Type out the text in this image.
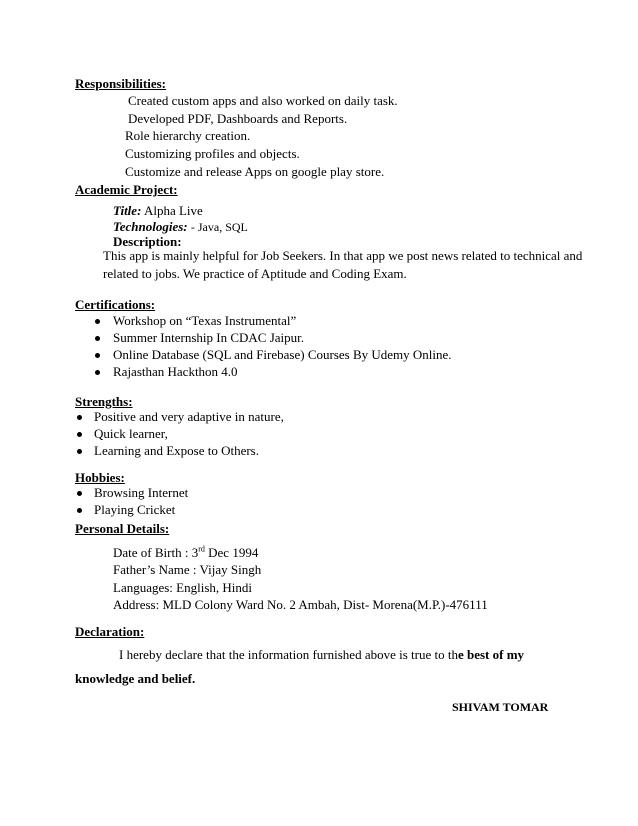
Responsibilities:
Created custom apps and also worked on daily task.
Developed PDF, Dashboards and Reports.
Role hierarchy creation.
Customizing profiles and objects.
Customize and release Apps on google play store.
Academic Project:
Title: Alpha Live
Technologies: - Java, SQL
Description:
This app is mainly helpful for Job Seekers. In that app we post news related to technical and
related to jobs. We practice of Aptitude and Coding Exam.
Certifications:
Workshop on “Texas Instrumental”
Summer Internship In CDAC Jaipur.
Online Database (SQL and Firebase) Courses By Udemy Online.
Rajasthan Hackthon 4.0
Strengths:
Positive and very adaptive in nature,
Quick learner,
Learning and Expose to Others.
Hobbies:
Browsing Internet
Playing Cricket
Personal Details:
Date of Birth : 3rd Dec 1994
Father’s Name : Vijay Singh
Languages: English, Hindi
Address: MLD Colony Ward No. 2 Ambah, Dist- Morena(M.P.)-476111
Declaration:
I hereby declare that the information furnished above is true to the best of my
knowledge and belief.
SHIVAM TOMAR
